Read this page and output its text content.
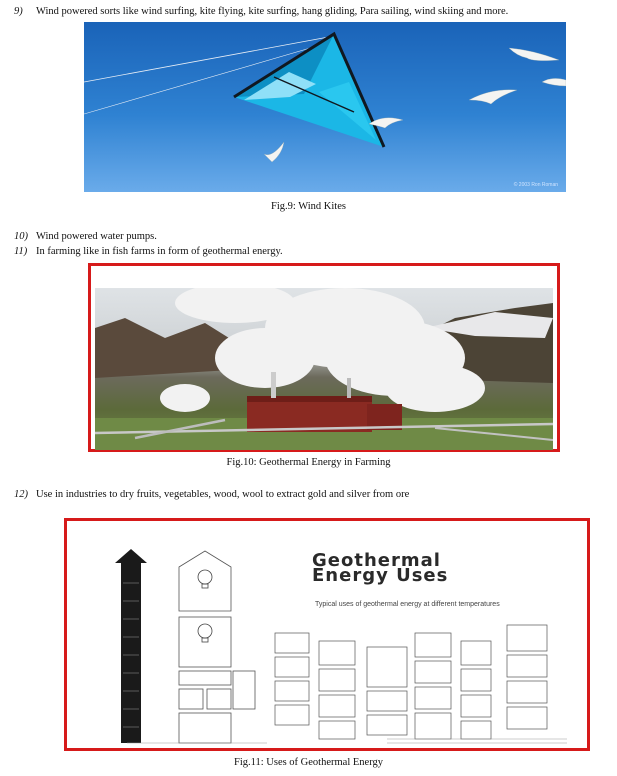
9) Wind powered sorts like wind surfing, kite flying, kite surfing, hang gliding, Para sailing, wind skiing and more.
© 2003 Ron Roman
Fig.9: Wind Kites
10) Wind powered water pumps.
11) In farming like in fish farms in form of geothermal energy.
Fig.10: Geothermal Energy in Farming
12) Use in industries to dry fruits, vegetables, wood, wool to extract gold and silver from ore
Geothermal
Energy Uses
Typical uses of geothermal energy at different temperatures
Fig.11: Uses of Geothermal Energy
